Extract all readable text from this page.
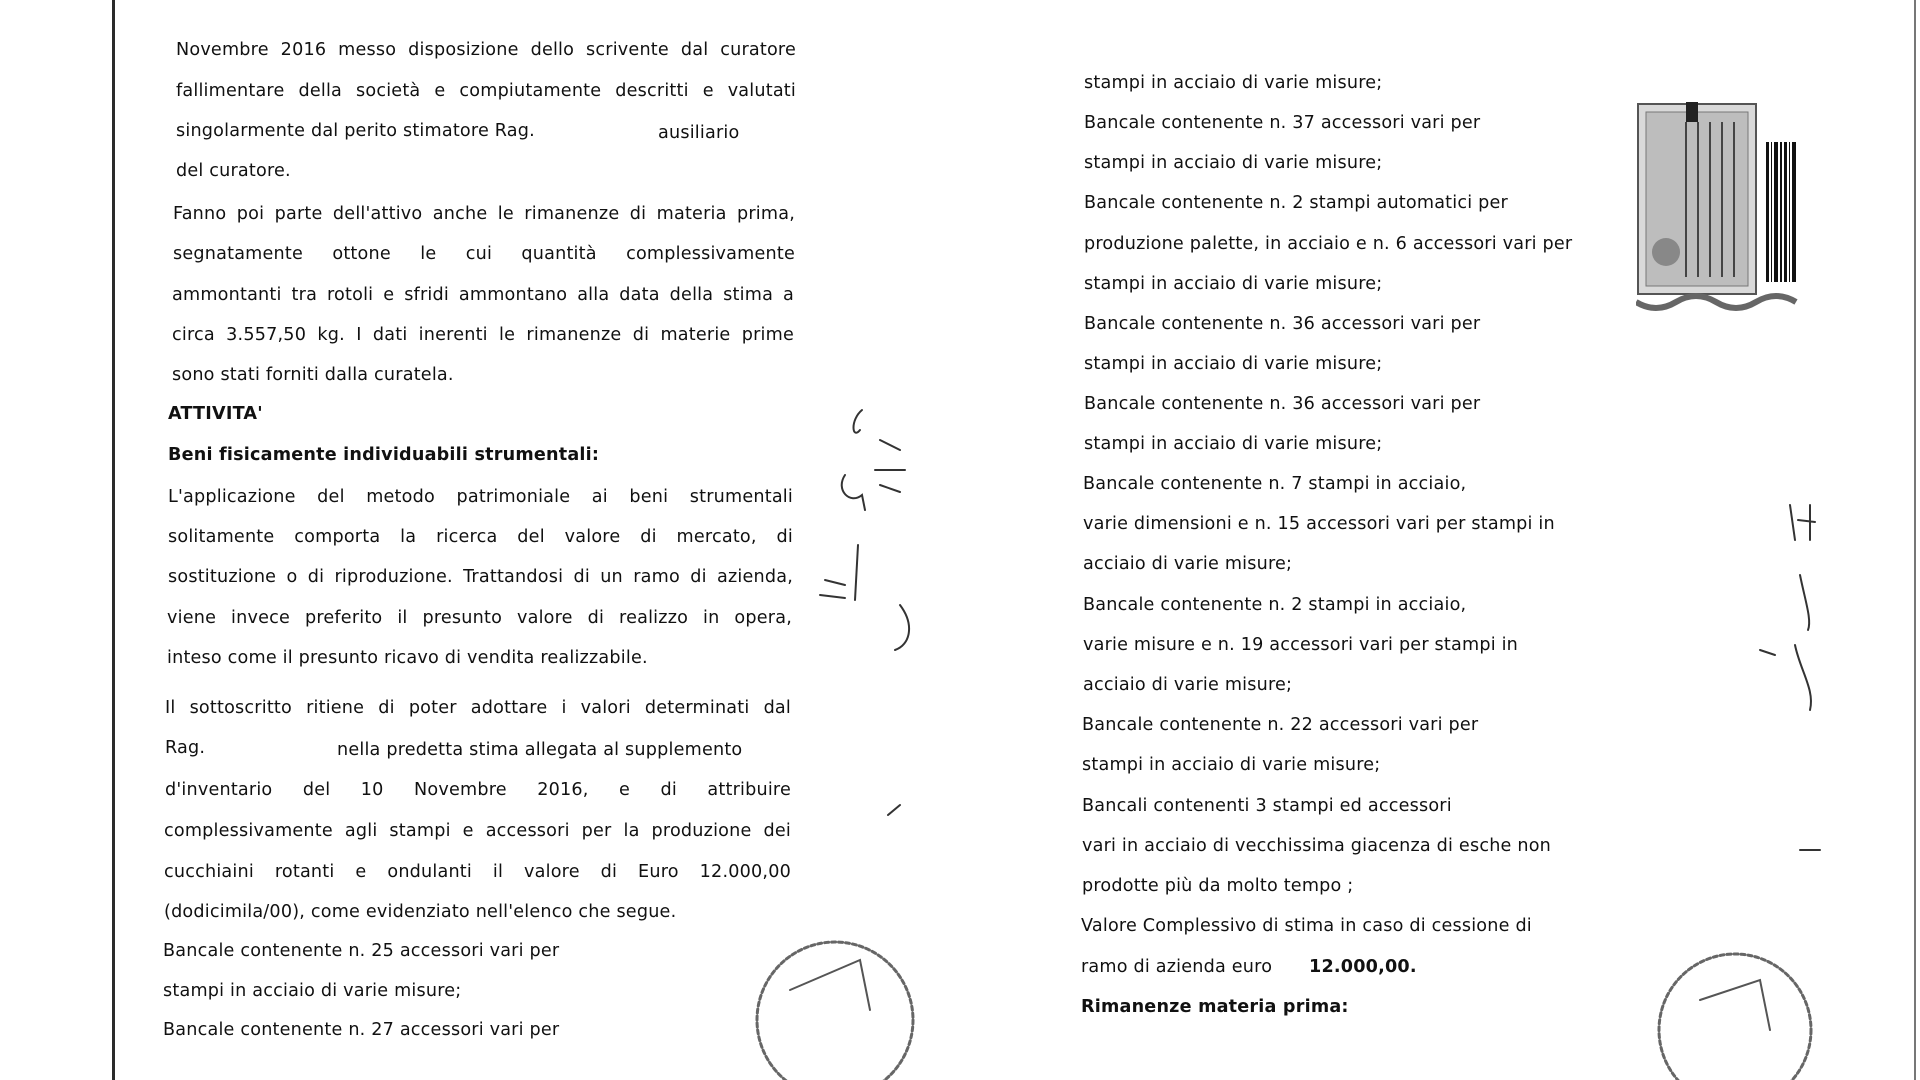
Novembre 2016 messo disposizione dello scrivente dal curatore
fallimentare della società e compiutamente descritti e valutati
singolarmente dal perito stimatore Rag.	ausiliario
del curatore.
Fanno poi parte dell'attivo anche le rimanenze di materia prima,
segnatamente ottone le cui quantità complessivamente
ammontanti tra rotoli e sfridi ammontano alla data della stima a
circa 3.557,50 kg. I dati inerenti le rimanenze di materie prime
sono stati forniti dalla curatela.
ATTIVITA'
Beni fisicamente individuabili strumentali:
L'applicazione del metodo patrimoniale ai beni strumentali
solitamente comporta la ricerca del valore di mercato, di
sostituzione o di riproduzione. Trattandosi di un ramo di azienda,
viene invece preferito il presunto valore di realizzo in opera,
inteso come il presunto ricavo di vendita realizzabile.
Il sottoscritto ritiene di poter adottare i valori determinati dal
Rag.	nella predetta stima allegata al supplemento
d'inventario del 10 Novembre 2016, e di attribuire
complessivamente agli stampi e accessori per la produzione dei
cucchiaini rotanti e ondulanti il valore di Euro 12.000,00
(dodicimila/00), come evidenziato nell'elenco che segue.
Bancale contenente n. 25 accessori vari per
stampi in acciaio di varie misure;
Bancale contenente n. 27 accessori vari per
stampi in acciaio di varie misure;
Bancale contenente n. 37 accessori vari per
stampi in acciaio di varie misure;
Bancale contenente n. 2 stampi automatici per
produzione palette, in acciaio e n. 6 accessori vari per
stampi in acciaio di varie misure;
Bancale contenente n. 36 accessori vari per
stampi in acciaio di varie misure;
Bancale contenente n. 36 accessori vari per
stampi in acciaio di varie misure;
Bancale contenente n. 7 stampi in acciaio,
varie dimensioni e n. 15 accessori vari per stampi in
acciaio di varie misure;
Bancale contenente n. 2 stampi in acciaio,
varie misure e n. 19 accessori vari per stampi in
acciaio di varie misure;
Bancale contenente n. 22 accessori vari per
stampi in acciaio di varie misure;
Bancali contenenti 3 stampi ed accessori
vari in acciaio di vecchissima giacenza di esche non
prodotte più da molto tempo ;
Valore Complessivo di stima in caso di cessione di
ramo di azienda euro 12.000,00.
Rimanenze materia prima:
